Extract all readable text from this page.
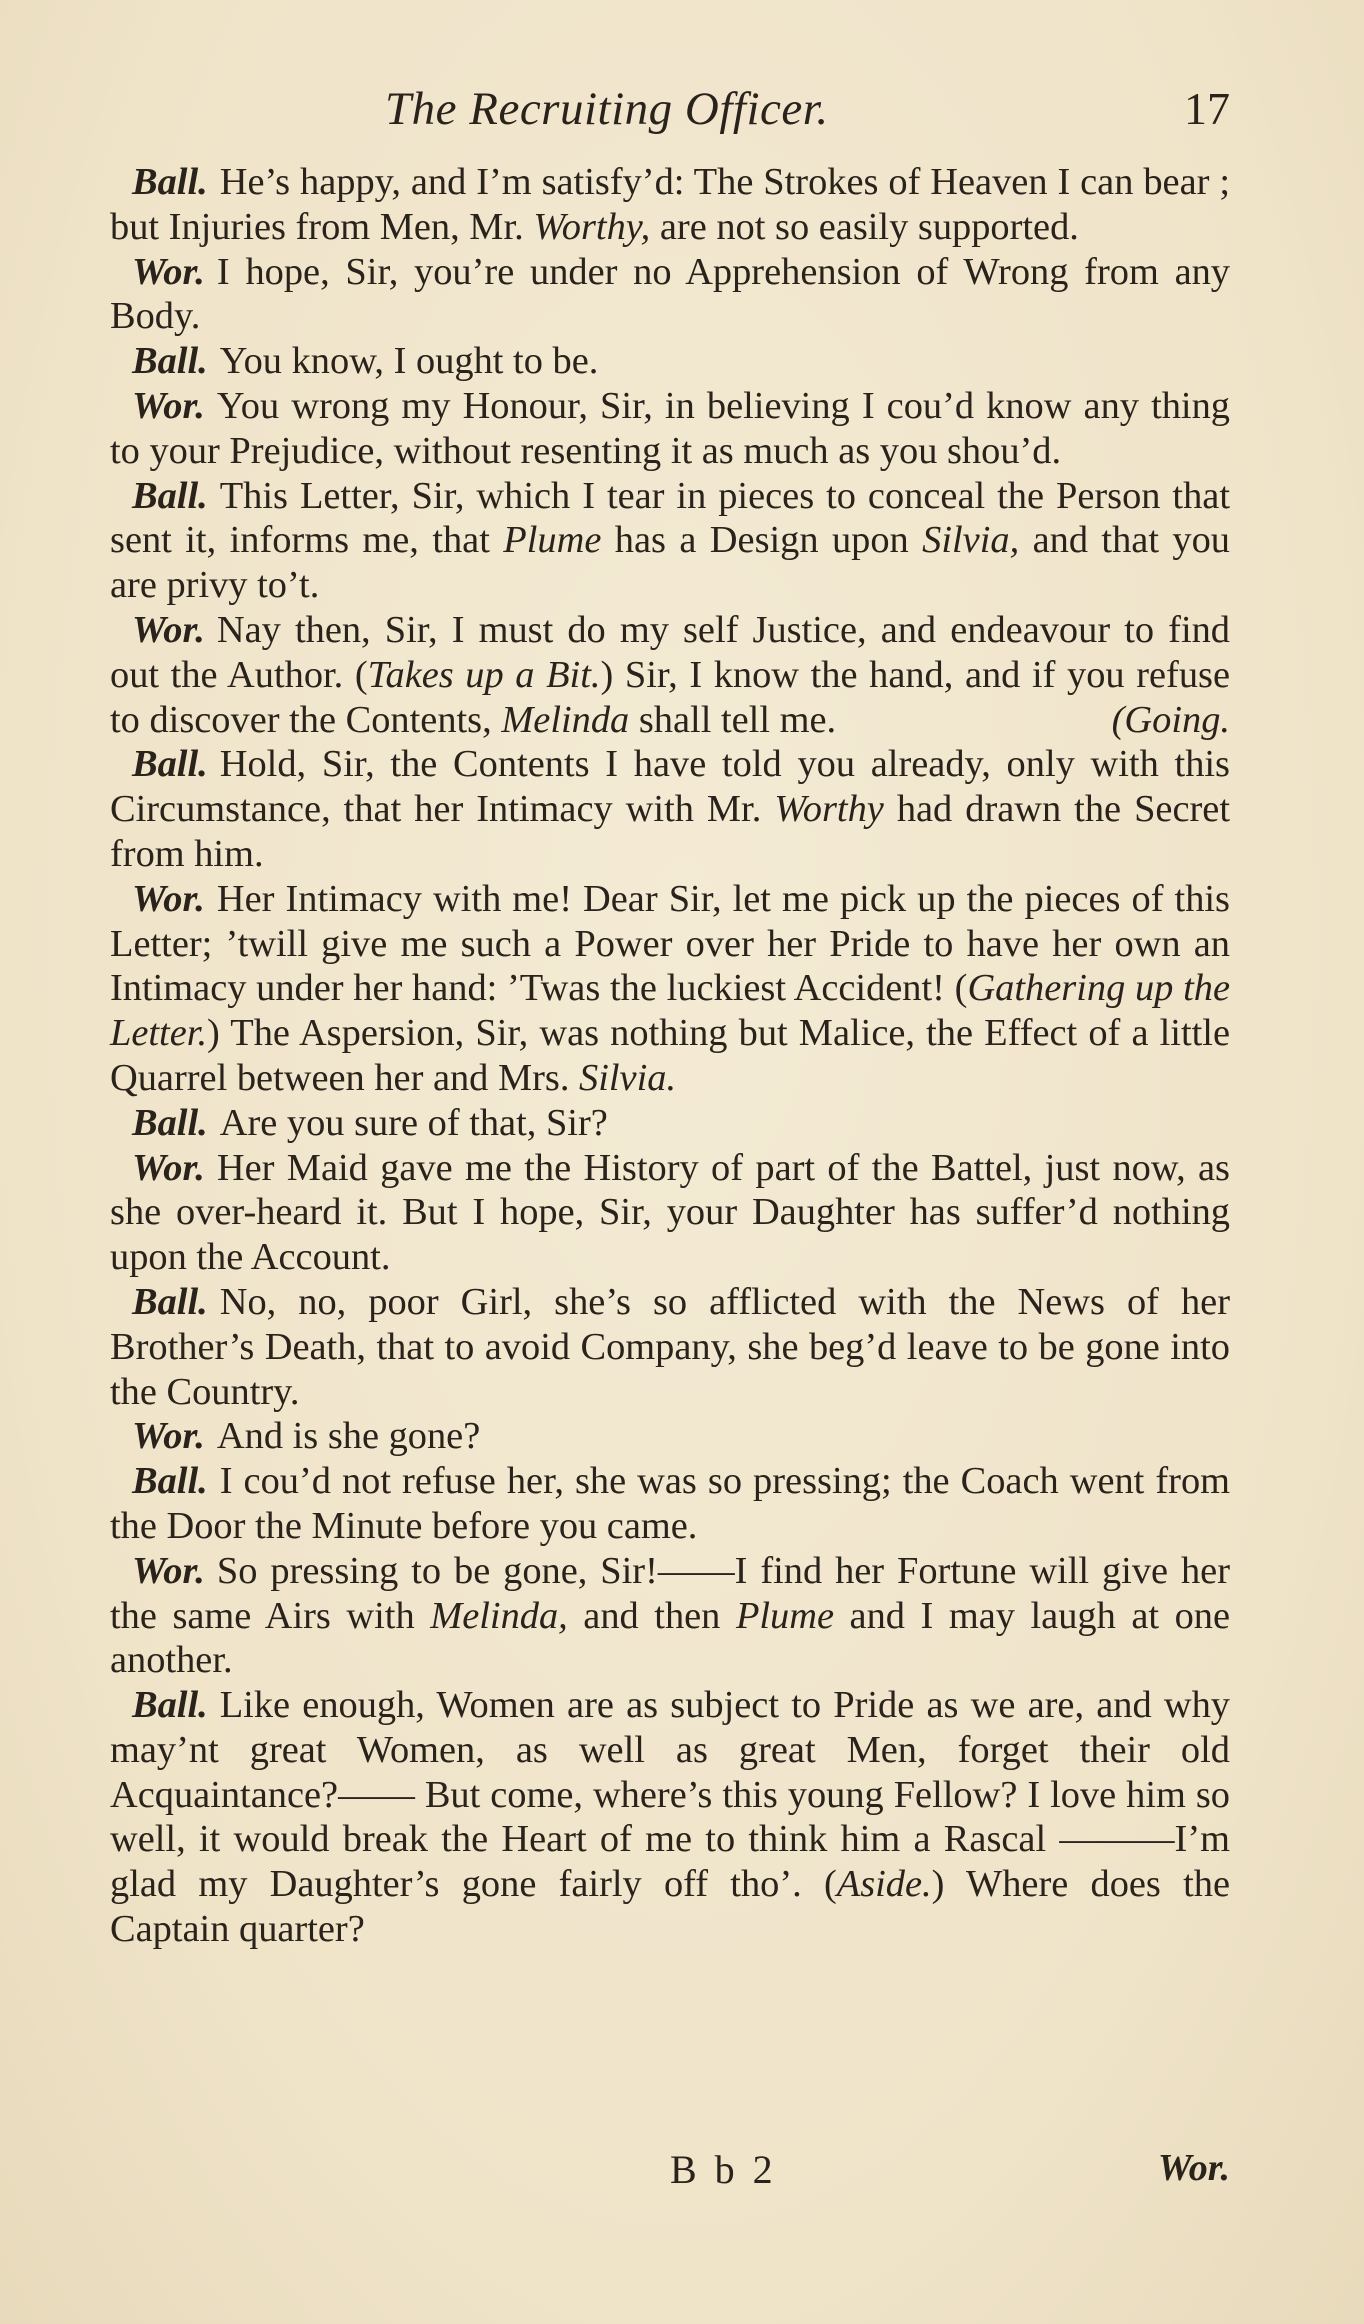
The Recruiting Officer.	17

Ball. He’s happy, and I’m satisfy’d: The Strokes of Heaven I can bear ; but Injuries from Men, Mr. Worthy, are not so easily supported.

Wor. I hope, Sir, you’re under no Apprehension of Wrong from any Body.

Ball. You know, I ought to be.

Wor. You wrong my Honour, Sir, in believing I cou’d know any thing to your Prejudice, without resenting it as much as you shou’d.

Ball. This Letter, Sir, which I tear in pieces to conceal the Person that sent it, informs me, that Plume has a Design upon Silvia, and that you are privy to’t.

Wor. Nay then, Sir, I must do my self Justice, and endeavour to find out the Author. (Takes up a Bit.) Sir, I know the hand, and if you refuse to discover the Contents, Melinda shall tell me.	(Going.

Ball. Hold, Sir, the Contents I have told you already, only with this Circumstance, that her Intimacy with Mr. Worthy had drawn the Secret from him.

Wor. Her Intimacy with me! Dear Sir, let me pick up the pieces of this Letter; ’twill give me such a Power over her Pride to have her own an Intimacy under her hand: ’Twas the luckiest Accident! (Gathering up the Letter.) The Aspersion, Sir, was nothing but Malice, the Effect of a little Quarrel between her and Mrs. Silvia.

Ball. Are you sure of that, Sir?

Wor. Her Maid gave me the History of part of the Battel, just now, as she over-heard it. But I hope, Sir, your Daughter has suffer’d nothing upon the Account.

Ball. No, no, poor Girl, she’s so afflicted with the News of her Brother’s Death, that to avoid Company, she beg’d leave to be gone into the Country.

Wor. And is she gone?

Ball. I cou’d not refuse her, she was so pressing; the Coach went from the Door the Minute before you came.

Wor. So pressing to be gone, Sir!——I find her Fortune will give her the same Airs with Melinda, and then Plume and I may laugh at one another.

Ball. Like enough, Women are as subject to Pride as we are, and why may’nt great Women, as well as great Men, forget their old Acquaintance?—— But come, where’s this young Fellow? I love him so well, it would break the Heart of me to think him a Rascal ———I’m glad my Daughter’s gone fairly off tho’. (Aside.) Where does the Captain quarter?

B b 2	Wor.
